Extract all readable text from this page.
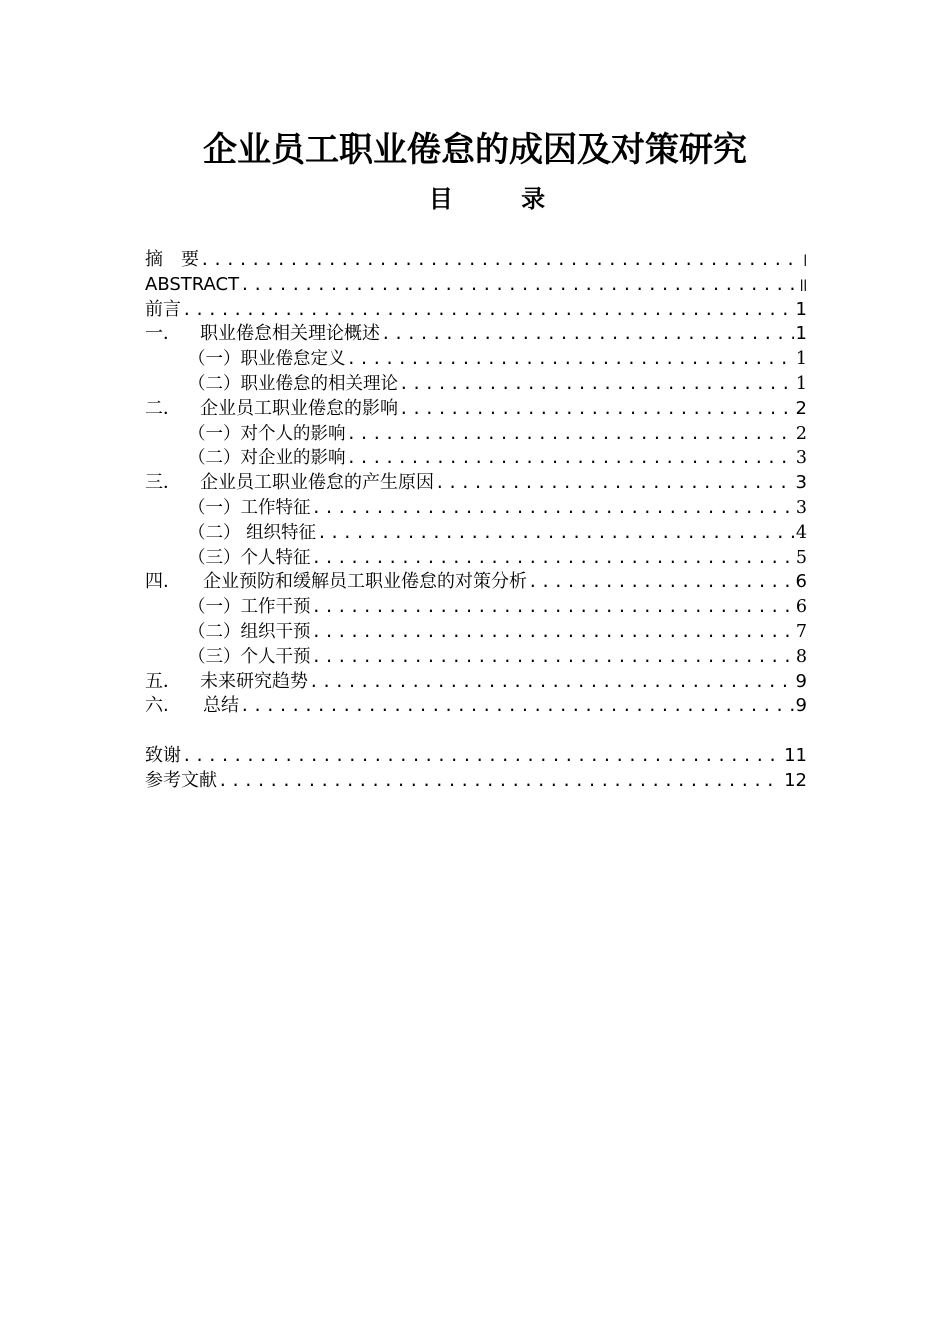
企业员工职业倦怠的成因及对策研究
目 录
摘　要 .....	I
ABSTRACT .....	II
前言 .....	1
一．	职业倦怠相关理论概述 .....	1
（一）职业倦怠定义 .....	1
（二）职业倦怠的相关理论 .....	1
二．	企业员工职业倦怠的影响 .....	2
（一）对个人的影响 .....	2
（二）对企业的影响 .....	3
三．	企业员工职业倦怠的产生原因 .....	3
（一）工作特征 .....	3
（二） 组织特征 .....	4
（三）个人特征 .....	5
四.	企业预防和缓解员工职业倦怠的对策分析 .....	6
（一）工作干预 .....	6
（二）组织干预 .....	7
（三）个人干预 .....	8
五．	未来研究趋势 .....	9
六.	总结 .....	9
致谢 .....	11
参考文献 .....	12
